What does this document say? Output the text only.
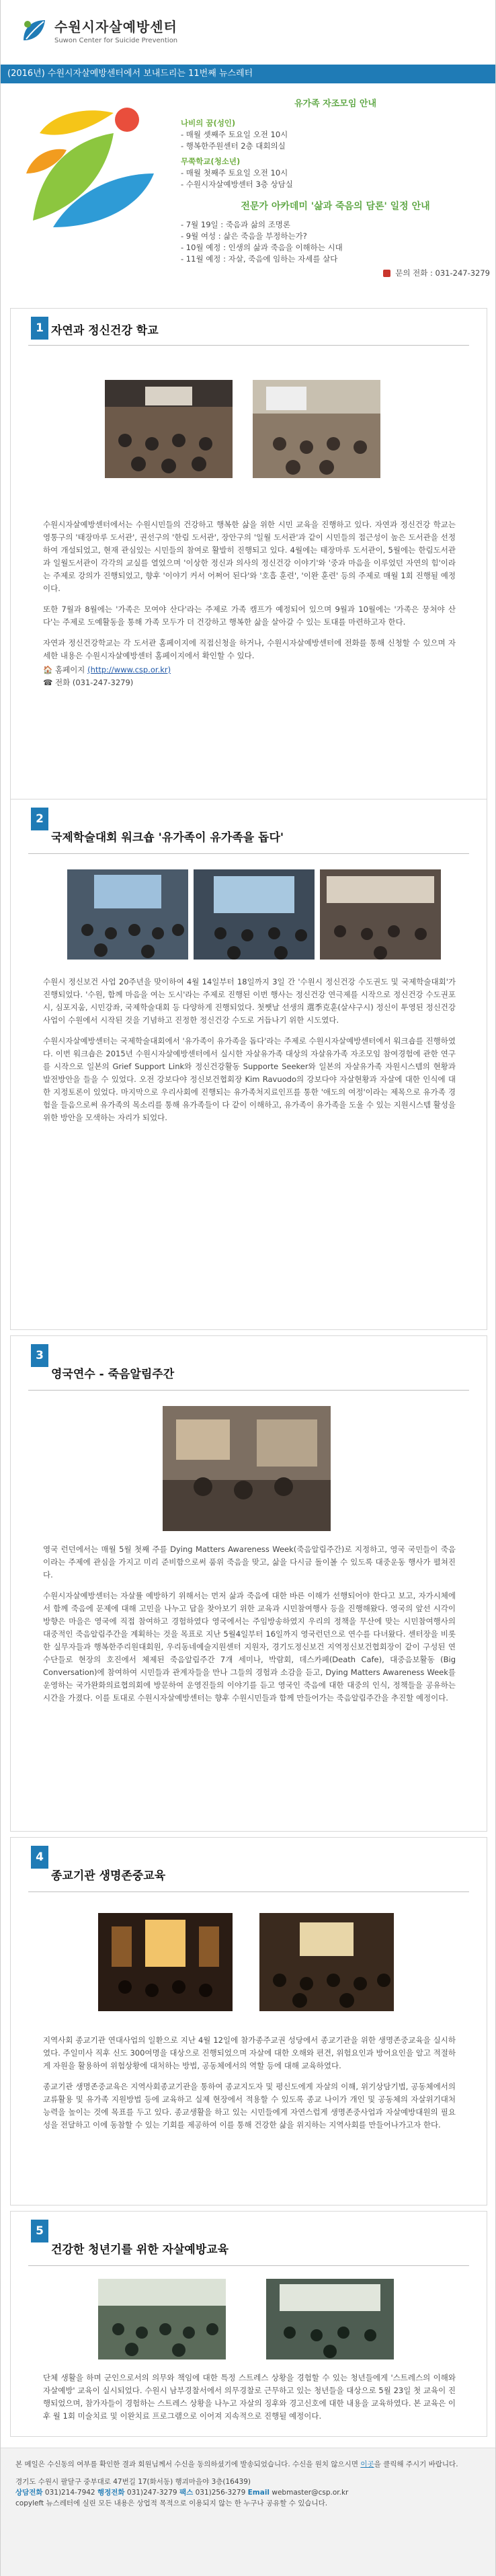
수원시자살예방센터
Suwon Center for Suicide Prevention
(2016년) 수원시자살예방센터에서 보내드리는 11번째 뉴스레터
유가족 자조모임 안내
나비의 꿈(성인)
- 매월 셋째주 토요일 오전 10시
- 행복한주원센터 2층 대회의실
무쭉학교(청소년)
- 매월 첫째주 토요일 오전 10시
- 수원시자살예방센터 3층 상담실
전문가 아카데미 '삶과 죽음의 담론' 일정 안내
- 7월 19일 : 죽음과 삶의 조명론
- 9월 여성 : 삶은 죽음을 부정하는가?
- 10월 예정 : 인생의 삶과 죽음을 이해하는 시대
- 11월 예정 : 자살, 죽음에 임하는 자세를 살다
문의 전화 : 031-247-3279
1 자연과 정신건강 학교

수원시자살예방센터에서는 수원시민들의 건강하고 행복한 삶을 위한 시민 교육을 진행하고 있다. 자연과 정신건강 학교는 영통구의 '태장마루 도서관', 권선구의 '한림 도서관', 장안구의 '일월 도서관'과 같이 시민들의 접근성이 높은 도서관을 선정하여 개설되었고, 현재 관심있는 시민들의 참여로 활발히 진행되고 있다. 4월에는 태장마루 도서관이, 5월에는 한림도서관과 일월도서관이 각각의 교실를 열었으며 '이상한 정신과 의사의 정신건강 이야기'와 '중과 마음을 이루었던 자연의 힘'이라는 주제로 강의가 진행되었고, 향후 '이야기 커서 어쩌어 된다'와 '호흡 훈련', '이완 훈련' 등의 주제로 매월 1회 진행될 예정이다.

또한 7월과 8월에는 '가족은 모여야 산다'라는 주제로 가족 캠프가 예정되어 있으며 9월과 10월에는 '가족은 뭉쳐야 산다'는 주제로 도예활동을 통해 가족 모두가 더 건강하고 행복한 삶을 살아갈 수 있는 토대를 마련하고자 한다.

자연과 정신건강학교는 각 도서관 홈페이지에 직접신청을 하거나, 수원시자살예방센터에 전화를 통해 신청할 수 있으며 자세한 내용은 수원시자살예방센터 홈페이지에서 확인할 수 있다.

🏠 홈페이지 (http://www.csp.or.kr)
☎ 전화 (031-247-3279)
2
국제학술대회 워크숍 '유가족이 유가족을 돕다'

수원시 정신보건 사업 20주년을 맞이하여 4월 14일부터 18일까지 3일 간 '수원시 정신건강 수도권도 및 국제학술대회'가 진행되었다. '수원, 함께 마음을 여는 도시'라는 주제로 진행된 이번 행사는 정신건강 연극제를 시작으로 정신건강 수도권포시, 심포지움, 시민강좌, 국제학술대회 등 다양하게 진행되었다. 첫쨋날 선생의 選季克훈(살샤구시) 정신이 투영된 정신건강 사업이 수원에서 시작된 것을 기념하고 진정한 정신건강 수도로 거듭나기 위한 시도였다.

수원시자살예방센터는 국제학술대회에서 '유가족이 유가족을 돕다'라는 주제로 수원시자살예방센터에서 워크숍를 진행하였다. 이번 워크숍은 2015년 수원시자살예방센터에서 실시한 자살유가족 대상의 자살유가족 자조모임 참여경험에 관한 연구를 시작으로 일본의 Grief Support Link와 정신건강활동 Supporte Seeker와 일본의 자살유가족 자원시스템의 현황과 발전방안을 들을 수 있었다. 오전 강보다야 정신보건협회장 Kim Ravuodo의 강보다야 자살현황과 자살에 대한 인식에 대한 지정토론이 있었다. 마지막으로 우리사회에 진행되는 유가족처지료인프를 통한 '애도의 여정'이라는 제목으로 유가족 경험을 들음으로써 유가족의 목소리를 통해 유가족들이 다 같이 이해하고, 유가족이 유가족을 도울 수 있는 지원시스템 활성을 위한 방안을 모색하는 자리가 되었다.

3
영국연수 - 죽음알림주간

영국 런던에서는 매월 5월 첫째 주를 Dying Matters Awareness Week(죽음알림주간)로 지정하고, 영국 국민들이 죽음이라는 주제에 관심을 가지고 미리 준비함으로써 품위 죽음을 맞고, 삶을 다시금 돌이볼 수 있도록 대중운동 행사가 펼쳐진다.

수원시자살예방센터는 자살률 예방하기 위해서는 먼저 삶과 죽음에 대한 바른 이해가 선행되어야 한다고 보고, 자가시체에서 함께 죽음에 문제에 대해 고민을 나누고 답을 찾아보기 위한 교육과 시민참여행사 등을 진행해왔다. 영국의 앞선 시각이 방향은 마을은 영국에 직접 참여하고 경험하였다 영국에서는 주임방송하였지 우리의 정책을 무산에 맞는 시민참여행사의 대중적인 죽음알림주간을 계획하는 것을 목표로 지난 5월4일부터 16일까지 영국런던으로 연수를 다녀왔다. 센터장을 비롯한 실무자들과 행복한주리원대회원, 우리동네예술지원센터 지원자, 경기도정신보건 지역정신보건협회장이 같이 구성된 연수단들로 현장의 호진에서 체제된 죽음알림주간 7개 세미나, 박람회, 데스카페(Death Cafe), 대중음보활동 (Big Conversation)에 참여하여 시민들과 관계자들을 만나 그들의 경험과 소감을 듣고, Dying Matters Awareness Week를 운영하는 국가완화의료협의회에 방문하여 운영진들의 이야기를 듣고 영국인 죽음에 대한 대중의 인식, 정책들을 공유하는 시간을 가졌다. 이를 토대로 수원시자살예방센터는 향후 수원시민들과 함께 만들어가는 죽음알림주간을 추진할 예정이다.

4
종교기관 생명존중교육

지역사회 종교기관 연대사업의 일환으로 지난 4월 12일에 참가종주교권 성당에서 종교기관을 위한 생명존중교육을 실시하였다. 주일미사 직후 신도 300여명을 대상으로 진행되었으며 자살에 대한 오해와 편견, 위험요인과 방어요인을 알고 적절하게 자원을 활용하여 위험상황에 대처하는 방법, 공동체에서의 역할 등에 대해 교육하였다.

종교기관 생명존중교육은 지역사회종교기관을 통하여 종교지도자 및 평신도에게 자살의 이해, 위기상담기법, 공동체에서의 교류활용 및 유가족 지원방법 등에 교육하고 실제 현장에서 적용할 수 있도록 종교 나이가 개인 및 공동체의 자살위기대처 능력을 높이는 것에 목표를 두고 있다. 종교생활을 하고 있는 시민들에게 자연스럽게 생명존중사업과 자살예방대원의 필요성을 전달하고 이에 동참할 수 있는 기회를 제공하여 이를 통해 건강한 삶을 위지하는 지역사회를 만들어나가고자 한다.

5
건강한 청년기를 위한 자살예방교육

단체 생활을 하며 군인으로서의 의무와 책임에 대한 특정 스트레스 상황을 경험할 수 있는 청년들에게 '스트레스의 이해와 자살예방' 교육이 실시되었다. 수원시 남부경찰서에서 의무경찰로 근무하고 있는 청년들을 대상으로 5월 23일 첫 교육이 진행되었으며, 참가자들이 경험하는 스트레스 상황을 나누고 자살의 징후와 경고신호에 대한 내용을 교육하였다. 본 교육은 이후 월 1회 미술치료 및 이완치료 프로그램으로 이어져 지속적으로 진행될 예정이다.

본 메일은 수신동의 여부를 확인한 결과 회원님께서 수신을 동의하셨기에 발송되었습니다. 수신을 원치 않으시면 이곳을 클릭해 주시기 바랍니다.
경기도 수원시 팔달구 중부대로 47번길 17(화서동) 행괴마을야 3층(16439)
상담전화 031)214-7942 행정전화 031)247-3279 팩스 031)256-3279 Email webmaster@csp.or.kr
copyleft 뉴스레터에 실린 모든 내용은 상업적 목적으로 이용되지 않는 한 누구나 공유할 수 있습니다.
